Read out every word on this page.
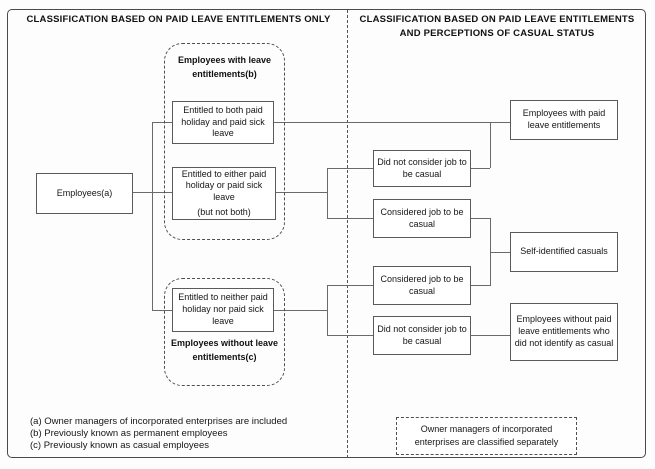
CLASSIFICATION BASED ON PAID LEAVE ENTITLEMENTS ONLY	CLASSIFICATION BASED ON PAID LEAVE ENTITLEMENTS AND PERCEPTIONS OF CASUAL STATUS
Employees with leave entitlements(b)
Employees without leave entitlements(c)
Employees(a)
Entitled to both paid holiday and paid sick leave
Entitled to either paid holiday or paid sick leave
(but not both)
Entitled to neither paid holiday nor paid sick leave
Did not consider job to be casual
Considered job to be casual
Considered job to be casual
Did not consider job to be casual
Employees with paid leave entitlements
Self-identified casuals
Employees without paid leave entitlements who did not identify as casual
(a) Owner managers of incorporated enterprises are included
(b) Previously known as permanent employees
(c) Previously known as casual employees
Owner managers of incorporated enterprises are classified separately
